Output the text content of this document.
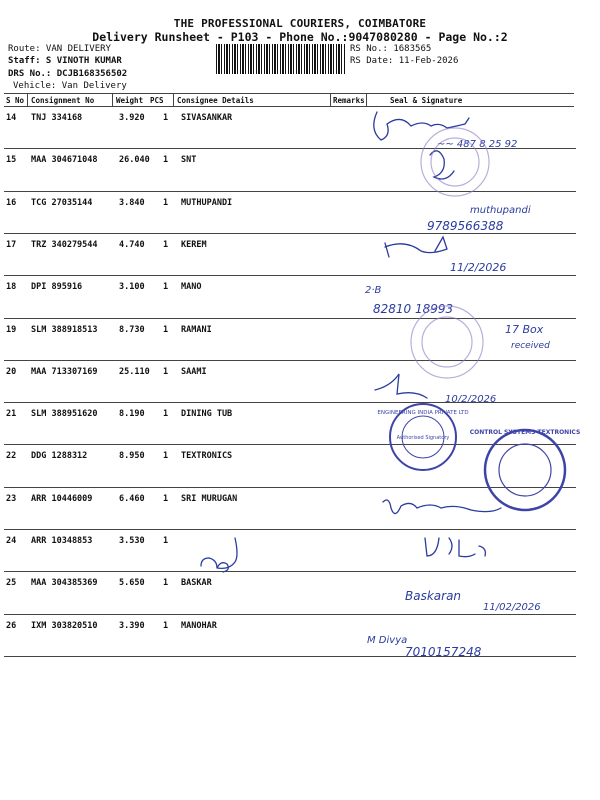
THE PROFESSIONAL COURIERS, COIMBATORE
Delivery Runsheet - P103 - Phone No.:9047080280 - Page No.:2
Route: VAN DELIVERY
Staff: S VINOTH KUMAR
DRS No.: DCJB168356502
Vehicle: Van Delivery
RS No.: 1683565
RS Date: 11-Feb-2026
S No Consignment No	Weight PCS Consignee Details	Remarks	Seal & Signature
14 TNJ 334168	3.920 1 SIVASANKAR
15 MAA 304671048	26.040 1 SNT
16 TCG 27035144	3.840 1 MUTHUPANDI
17 TRZ 340279544	4.740 1 KEREM
18 DPI 895916	3.100 1 MANO
19 SLM 388918513	8.730 1 RAMANI
20 MAA 713307169	25.110 1 SAAMI
21 SLM 388951620	8.190 1 DINING TUB
22 DDG 1288312	8.950 1 TEXTRONICS
23 ARR 10446009	6.460 1 SRI MURUGAN
24 ARR 10348853	3.530 1
25 MAA 304385369	5.650 1 BASKAR
26 IXM 303820510	3.390 1 MANOHAR
~~ 487 8 25 92
muthupandi
9789566388
11/2/2026
2·B
82810 18993
17 Box
received
10/2/2026
Baskaran
11/02/2026
M Divya
7010157248
ENGINEERING INDIA PRIVATE LTD
Authorised Signatory
CONTROL SYSTEMS TEXTRONICS
